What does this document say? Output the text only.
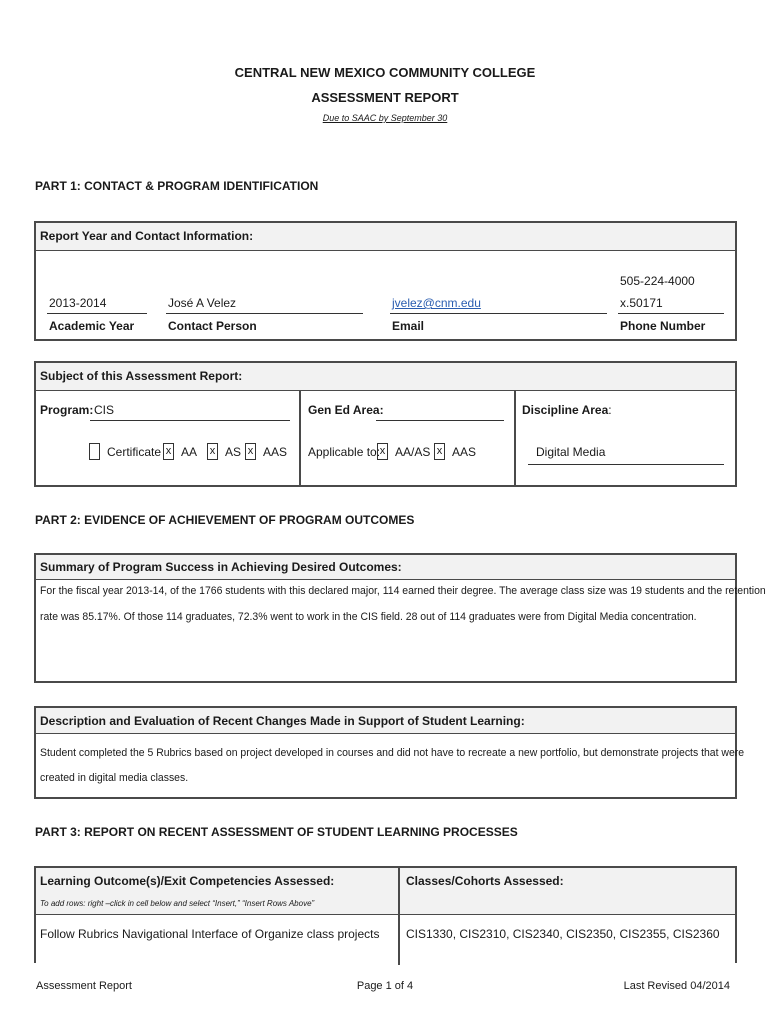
CENTRAL NEW MEXICO COMMUNITY COLLEGE
ASSESSMENT REPORT
Due to SAAC by September 30
PART 1: CONTACT & PROGRAM IDENTIFICATION
Report Year and Contact Information:
2013-2014
Academic Year
José A Velez
Contact Person
jvelez@cnm.edu
Email
505-224-4000
x.50171
Phone Number
Subject of this Assessment Report:
Program: CIS
Certificate x AA x AS x AAS
Gen Ed Area:
Applicable to: x AA/AS x AAS
Discipline Area:
Digital Media
PART 2: EVIDENCE OF ACHIEVEMENT OF PROGRAM OUTCOMES
Summary of Program Success in Achieving Desired Outcomes:
For the fiscal year 2013-14, of the 1766 students with this declared major, 114 earned their degree. The average class size was 19 students and the retention
rate was 85.17%. Of those 114 graduates, 72.3% went to work in the CIS field. 28 out of 114 graduates were from Digital Media concentration.
Description and Evaluation of Recent Changes Made in Support of Student Learning:
Student completed the 5 Rubrics based on project developed in courses and did not have to recreate a new portfolio, but demonstrate projects that were
created in digital media classes.
PART 3: REPORT ON RECENT ASSESSMENT OF STUDENT LEARNING PROCESSES
Learning Outcome(s)/Exit Competencies Assessed:
To add rows: right –click in cell below and select “Insert,” “Insert Rows Above”
Classes/Cohorts Assessed:
Follow Rubrics Navigational Interface of Organize class projects CIS1330, CIS2310, CIS2340, CIS2350, CIS2355, CIS2360
Assessment Report	Page 1 of 4	Last Revised 04/2014
